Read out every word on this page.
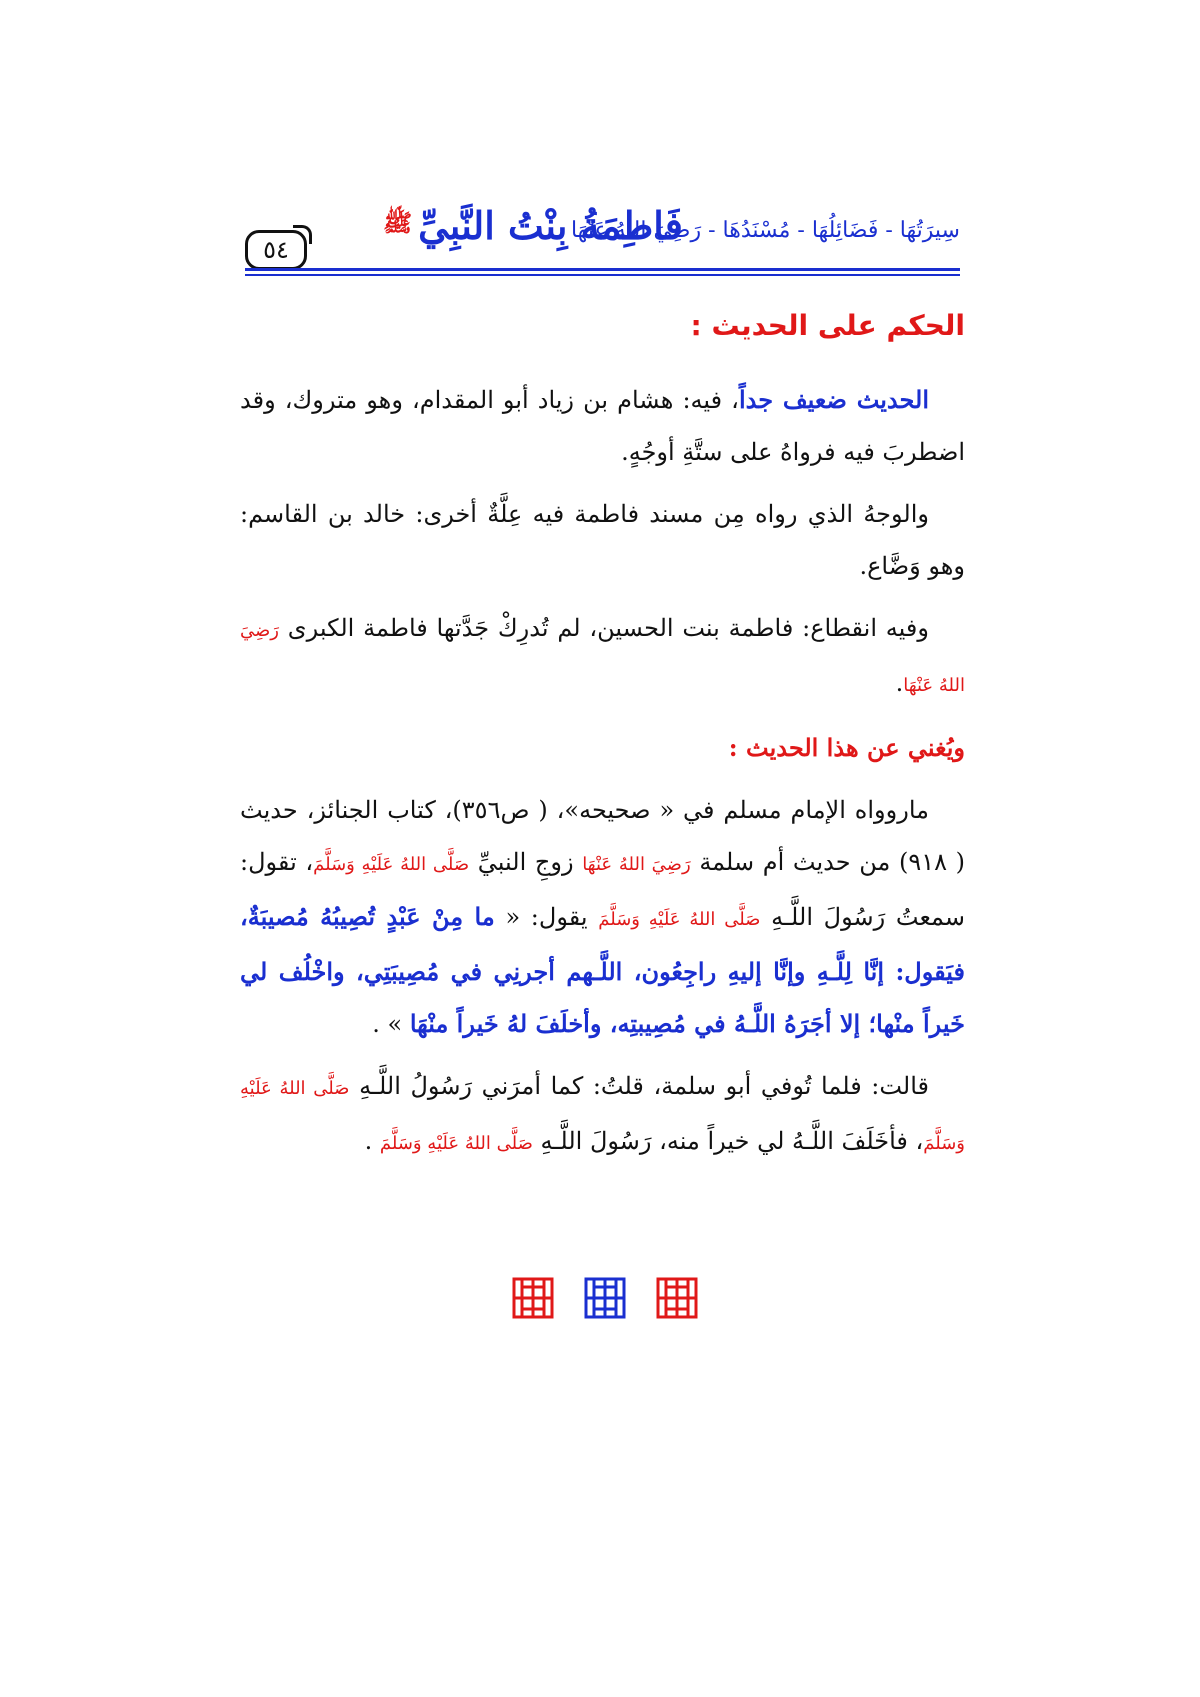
٥٤
فَاطِمَةُ بِنْتُ النَّبِيِّ
ﷺ	سِيرَتُهَا - فَضَائِلُهَا - مُسْنَدُهَا - رَضِيَ اللهُ عَنْهَا
الحكم على الحديث :

الحديث ضعيف جداً، فيه: هشام بن زياد أبو المقدام، وهو متروك، وقد اضطربَ فيه فرواهُ على ستَّةِ أوجُهٍ.

والوجهُ الذي رواه مِن مسند فاطمة فيه عِلَّةٌ أخرى: خالد بن القاسم: وهو وَضَّاع.

وفيه انقطاع: فاطمة بنت الحسين، لم تُدرِكْ جَدَّتها فاطمة الكبرى رَضِيَ اللهُ عَنْهَا.

ويُغني عن هذا الحديث :

ماروواه الإمام مسلم في « صحيحه»، ( ص٣٥٦)، كتاب الجنائز، حديث ( ٩١٨) من حديث أم سلمة رَضِيَ اللهُ عَنْهَا زوجِ النبيِّ صَلَّى اللهُ عَلَيْهِ وَسَلَّمَ، تقول: سمعتُ رَسُولَ اللَّـهِ صَلَّى اللهُ عَلَيْهِ وَسَلَّمَ يقول: « ما مِنْ عَبْدٍ تُصِيبُهُ مُصيبَةٌ، فيَقول: إنَّا لِلَّـهِ وإنَّا إليهِ راجِعُون، اللَّـهم أجرنِي في مُصِيبَتِي، واخْلُف لي خَيراً منْها؛ إلا أجَرَهُ اللَّـهُ في مُصِيبتِه، وأخلَفَ لهُ خَيراً منْهَا » .

قالت: فلما تُوفي أبو سلمة، قلتُ: كما أمرَني رَسُولُ اللَّـهِ صَلَّى اللهُ عَلَيْهِ وَسَلَّمَ، فأخَلَفَ اللَّـهُ لي خيراً منه، رَسُولَ اللَّـهِ صَلَّى اللهُ عَلَيْهِ وَسَلَّمَ .
